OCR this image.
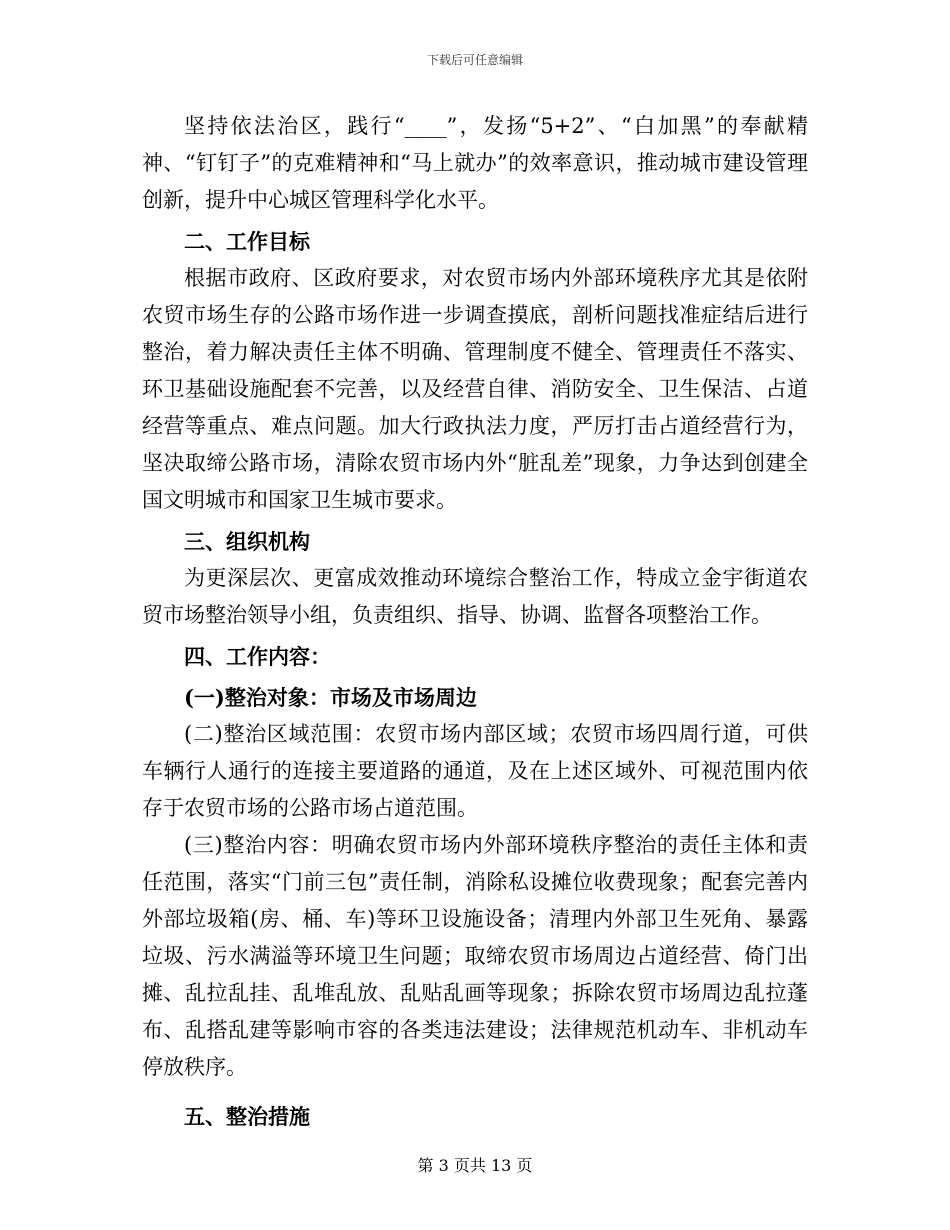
下载后可任意编辑

坚持依法治区，践行“____”，发扬“5+2”、“白加黑”的奉献精神、“钉钉子”的克难精神和“马上就办”的效率意识，推动城市建设管理创新，提升中心城区管理科学化水平。

二、工作目标

根据市政府、区政府要求，对农贸市场内外部环境秩序尤其是依附农贸市场生存的公路市场作进一步调查摸底，剖析问题找准症结后进行整治，着力解决责任主体不明确、管理制度不健全、管理责任不落实、环卫基础设施配套不完善，以及经营自律、消防安全、卫生保洁、占道经营等重点、难点问题。加大行政执法力度，严厉打击占道经营行为，坚决取缔公路市场，清除农贸市场内外“脏乱差”现象，力争达到创建全国文明城市和国家卫生城市要求。

三、组织机构

为更深层次、更富成效推动环境综合整治工作，特成立金宇街道农贸市场整治领导小组，负责组织、指导、协调、监督各项整治工作。

四、工作内容：

(一)整治对象：市场及市场周边

(二)整治区域范围：农贸市场内部区域；农贸市场四周行道，可供车辆行人通行的连接主要道路的通道，及在上述区域外、可视范围内依存于农贸市场的公路市场占道范围。

(三)整治内容：明确农贸市场内外部环境秩序整治的责任主体和责任范围，落实“门前三包”责任制，消除私设摊位收费现象；配套完善内外部垃圾箱(房、桶、车)等环卫设施设备；清理内外部卫生死角、暴露垃圾、污水满溢等环境卫生问题；取缔农贸市场周边占道经营、倚门出摊、乱拉乱挂、乱堆乱放、乱贴乱画等现象；拆除农贸市场周边乱拉蓬布、乱搭乱建等影响市容的各类违法建设；法律规范机动车、非机动车停放秩序。

五、整治措施

第 3 页共 13 页
